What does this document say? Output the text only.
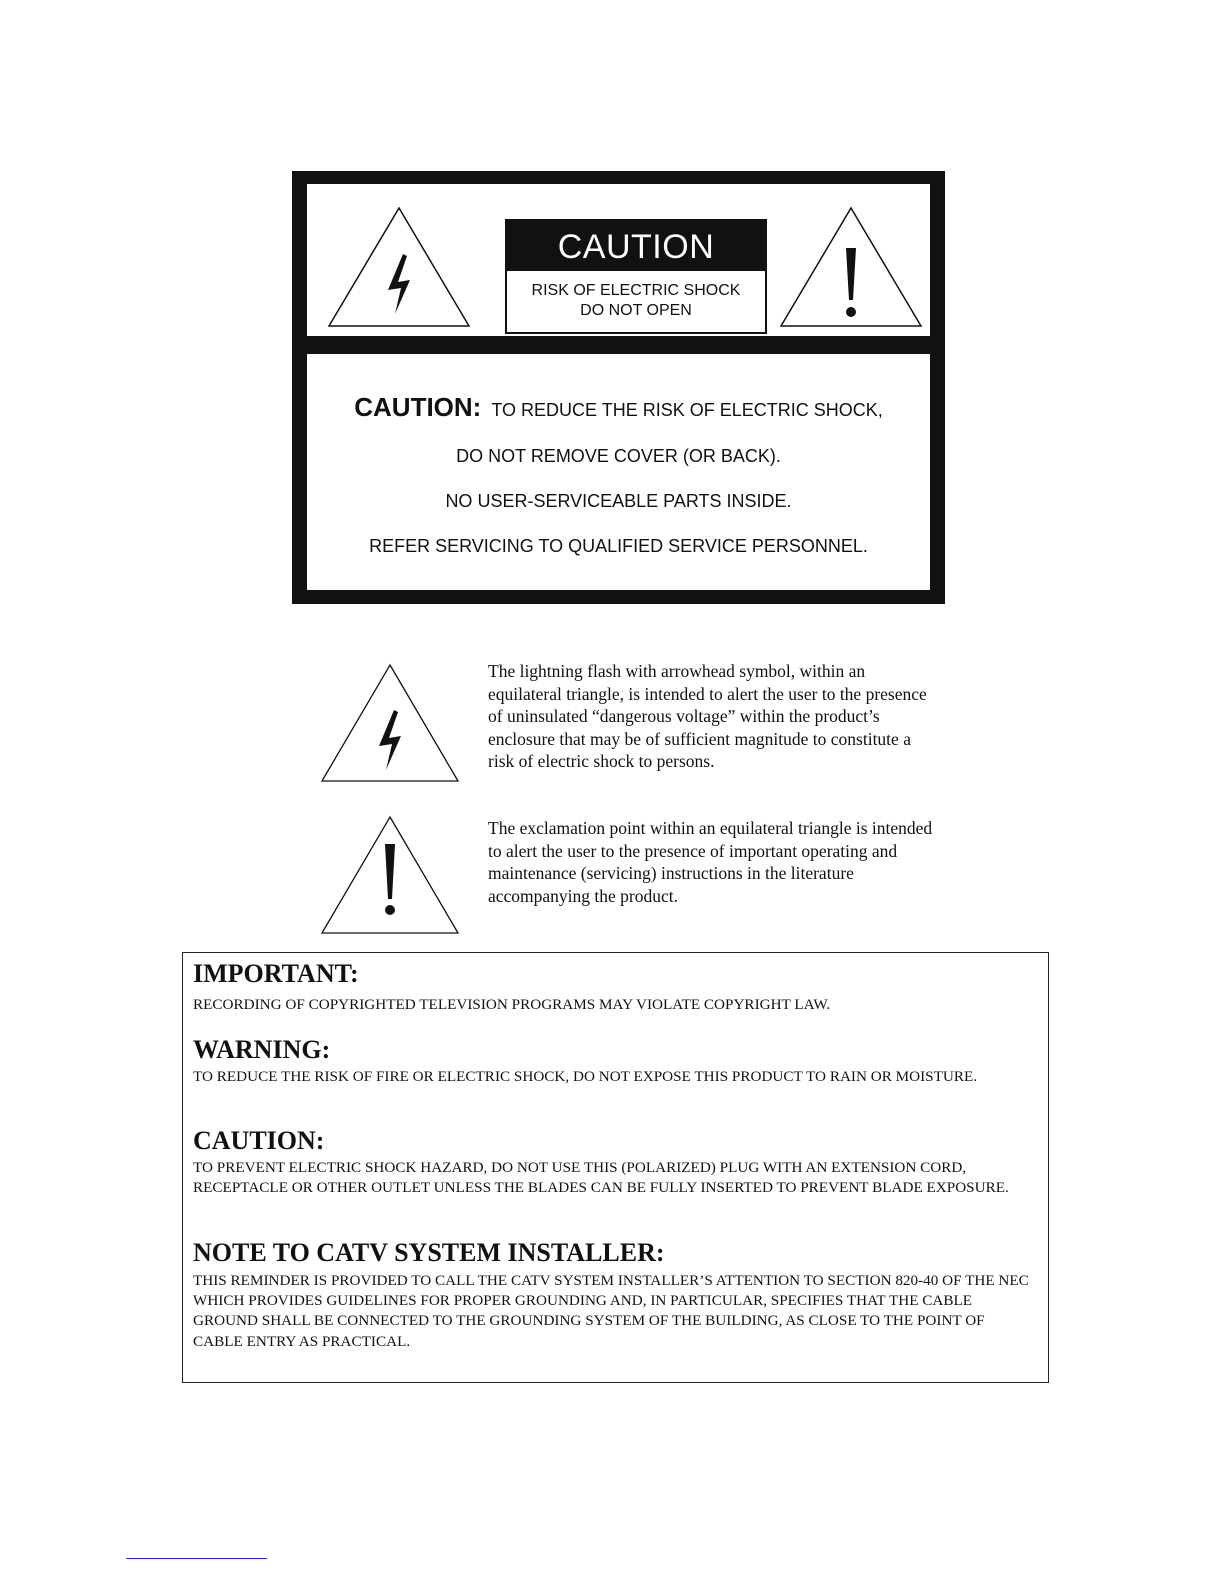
CAUTION
RISK OF ELECTRIC SHOCK
DO NOT OPEN
CAUTION: TO REDUCE THE RISK OF ELECTRIC SHOCK,
DO NOT REMOVE COVER (OR BACK).
NO USER-SERVICEABLE PARTS INSIDE.
REFER SERVICING TO QUALIFIED SERVICE PERSONNEL.
The lightning flash with arrowhead symbol, within an equilateral triangle, is intended to alert the user to the presence of uninsulated “dangerous voltage” within the product’s enclosure that may be of sufficient magnitude to constitute a risk of electric shock to persons.
The exclamation point within an equilateral triangle is intended to alert the user to the presence of important operating and maintenance (servicing) instructions in the literature accompanying the product.
IMPORTANT:
RECORDING OF COPYRIGHTED TELEVISION PROGRAMS MAY VIOLATE COPYRIGHT LAW.
WARNING:
TO REDUCE THE RISK OF FIRE OR ELECTRIC SHOCK, DO NOT EXPOSE THIS PRODUCT TO RAIN OR MOISTURE.
CAUTION:
TO PREVENT ELECTRIC SHOCK HAZARD, DO NOT USE THIS (POLARIZED) PLUG WITH AN EXTENSION CORD, RECEPTACLE OR OTHER OUTLET UNLESS THE BLADES CAN BE FULLY INSERTED TO PREVENT BLADE EXPOSURE.
NOTE TO CATV SYSTEM INSTALLER:
THIS REMINDER IS PROVIDED TO CALL THE CATV SYSTEM INSTALLER’S ATTENTION TO SECTION 820-40 OF THE NEC WHICH PROVIDES GUIDELINES FOR PROPER GROUNDING AND, IN PARTICULAR, SPECIFIES THAT THE CABLE GROUND SHALL BE CONNECTED TO THE GROUNDING SYSTEM OF THE BUILDING, AS CLOSE TO THE POINT OF CABLE ENTRY AS PRACTICAL.
